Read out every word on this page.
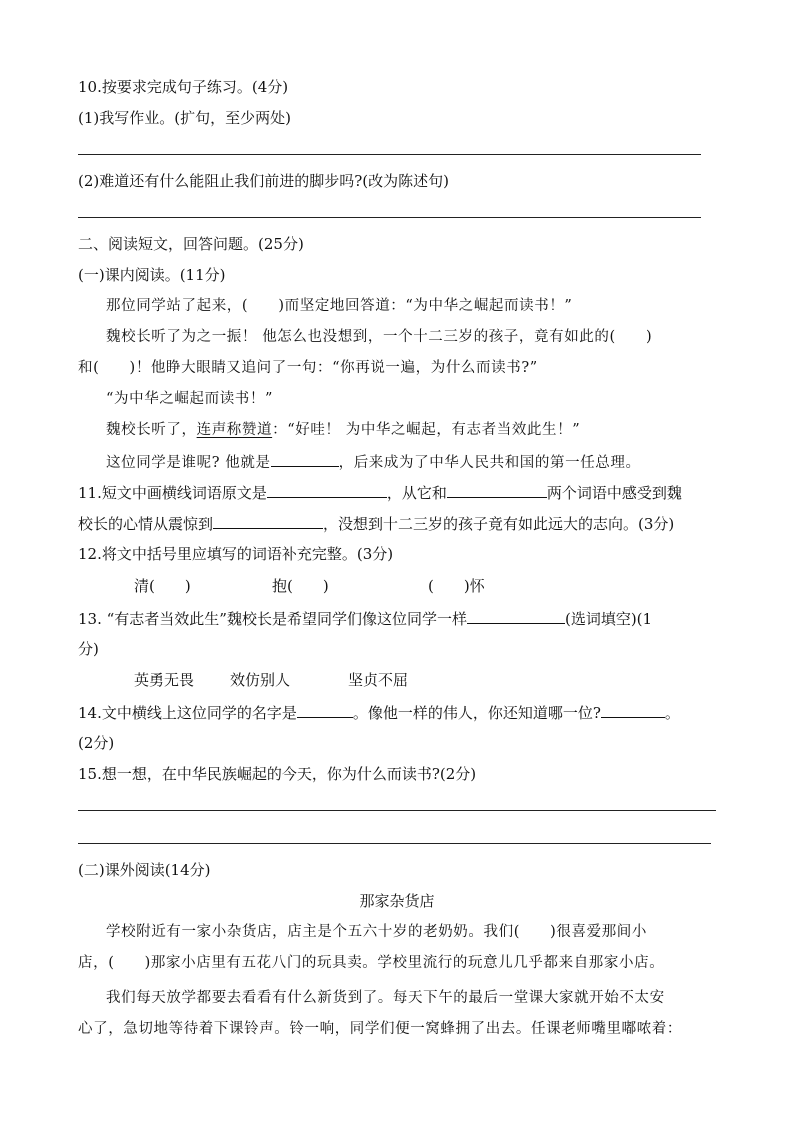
10.按要求完成句子练习。(4分)
(1)我写作业。(扩句，至少两处)
(2)难道还有什么能阻止我们前进的脚步吗?(改为陈述句)
二、阅读短文，回答问题。(25分)
(一)课内阅读。(11分)
那位同学站了起来，(　　)而坚定地回答道：“为中华之崛起而读书！”
魏校长听了为之一振！ 他怎么也没想到，一个十二三岁的孩子，竟有如此的(　　)
和(　　)！他睁大眼睛又追问了一句：“你再说一遍，为什么而读书?”
“为中华之崛起而读书！”
魏校长听了，连声称赞道：“好哇！ 为中华之崛起，有志者当效此生！”
这位同学是谁呢? 他就是	，后来成为了中华人民共和国的第一任总理。
11.短文中画横线词语原文是	，从它和	两个词语中感受到魏
校长的心情从震惊到	，没想到十二三岁的孩子竟有如此远大的志向。(3分)
12.将文中括号里应填写的词语补充完整。(3分)
清(　　)	抱(　　)	(　　)怀
13. “有志者当效此生”魏校长是希望同学们像这位同学一样	(选词填空)(1
分)
英勇无畏 效仿别人	坚贞不屈
14.文中横线上这位同学的名字是	。像他一样的伟人，你还知道哪一位?	。
(2分)
15.想一想，在中华民族崛起的今天，你为什么而读书?(2分)
(二)课外阅读(14分)
那家杂货店
学校附近有一家小杂货店，店主是个五六十岁的老奶奶。我们(　　)很喜爱那间小
店，(　　)那家小店里有五花八门的玩具卖。学校里流行的玩意儿几乎都来自那家小店。
我们每天放学都要去看看有什么新货到了。每天下午的最后一堂课大家就开始不太安
心了，急切地等待着下课铃声。铃一响，同学们便一窝蜂拥了出去。任课老师嘴里嘟哝着：
